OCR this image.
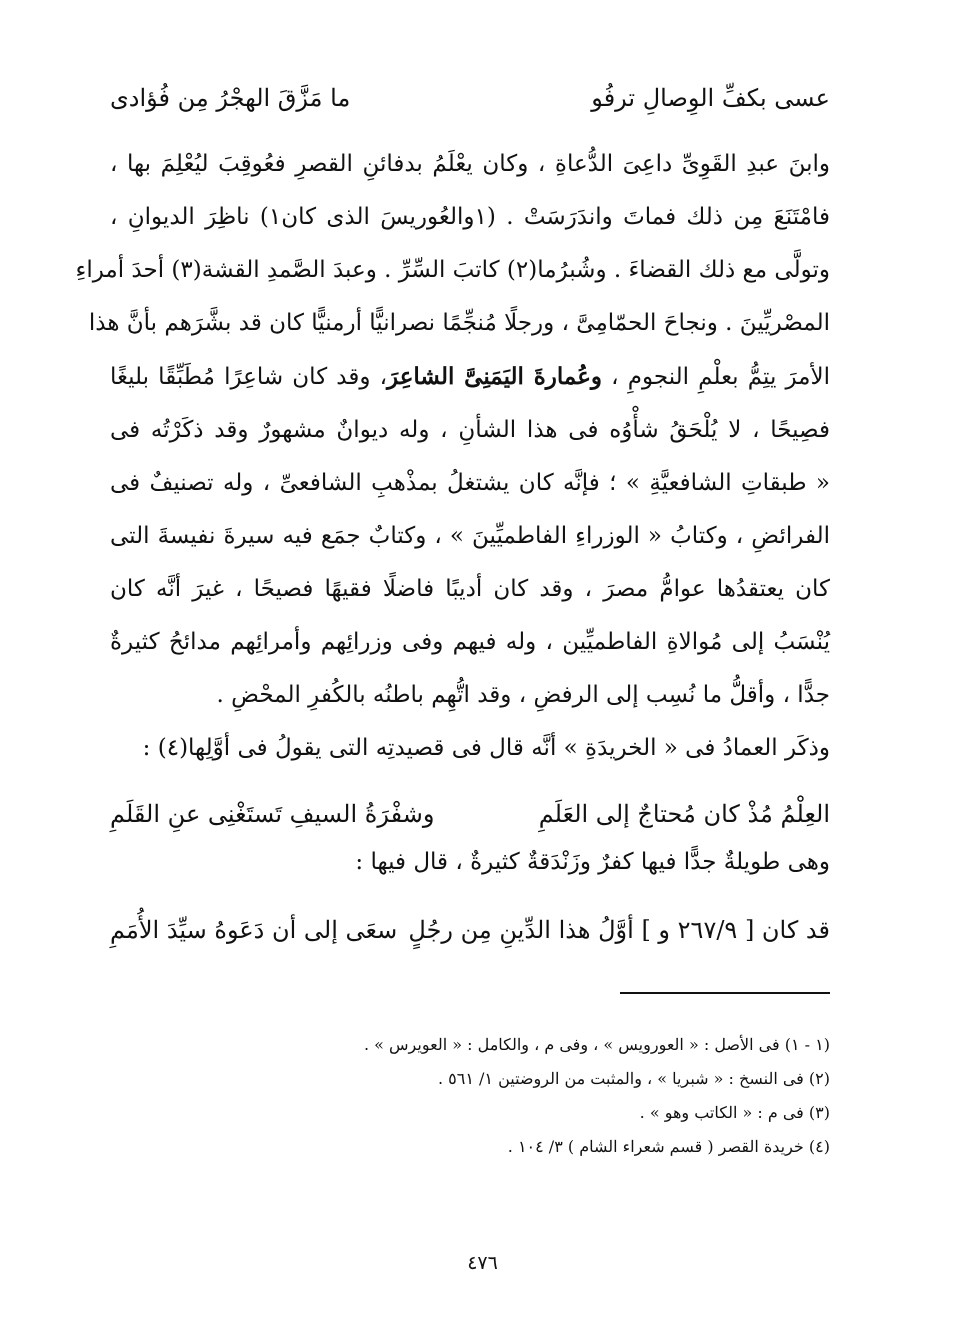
عسى بكفِّ الوِصالِ ترفُو
ما مَزَّقَ الهجْرُ مِن فُؤادى
وابنَ عبدِ القَوِىِّ داعِىَ الدُّعاةِ ، وكان يعْلَمُ بدفائنِ القصرِ فعُوقِبَ ليُعْلِمَ بها ،
فامْتَنَعَ مِن ذلك فماتَ واندَرَسَتْ . (١والعُوريسَ الذى كان١) ناظِرَ الديوانِ ،
وتولَّى مع ذلك القضاءَ . وشُبرُما(٢) كاتبَ السِّرِّ . وعبدَ الصَّمدِ القشة(٣) أحدَ أمراءِ
المصْريِّينَ . ونجاحَ الحمّامِىَّ ، ورجلًا مُنجِّمًا نصرانيًّا أرمنيًّا كان قد بشَّرَهم بأنَّ هذا
الأمرَ يتِمُّ بعلْمِ النجومِ ، وعُمارةَ اليَمَنِىَّ الشاعِرَ، وقد كان شاعِرًا مُطَبِّقًا بليغًا
فصِيحًا ، لا يُلْحَقُ شأْوُه فى هذا الشأنِ ، وله ديوانٌ مشهورٌ وقد ذكَرْتُه فى
« طبقاتِ الشافعيَّةِ » ؛ فإنَّه كان يشتغلُ بمذْهبِ الشافعىِّ ، وله تصنيفٌ فى
الفرائضِ ، وكتابُ « الوزراءِ الفاطميِّينَ » ، وكتابٌ جمَع فيه سيرةَ نفيسةَ التى
كان يعتقدُها عوامُّ مصرَ ، وقد كان أديبًا فاضلًا فقيهًا فصيحًا ، غيرَ أنَّه كان
يُنْسَبُ إلى مُوالاةِ الفاطميِّين ، وله فيهم وفى وزرائِهم وأمرائِهم مدائحُ كثيرةٌ
جدًّا ، وأقلُّ ما نُسِب إلى الرفضِ ، وقد اتُّهِم باطنُه بالكُفرِ المحْضِ .
وذكَر العمادُ فى « الخريدَةِ » أنَّه قال فى قصيدتِه التى يقولُ فى أوَّلِها(٤) :
العِلْمُ مُذْ كان مُحتاجٌ إلى العَلَمِ
وشفْرَةُ السيفِ تَستَغْنِى عنِ القَلَمِ
وهى طويلةٌ جدًّا فيها كفرٌ وزَنْدَقةٌ كثيرةٌ ، قال فيها :
قد كان [ ٢٦٧/٩ و ] أوَّلُ هذا الدِّينِ مِن رجُلٍ
سعَى إلى أن دَعَوهُ سيِّدَ الأُمَمِ
(١ - ١) فى الأصل : « العورويس » ، وفى م ، والكامل : « العويرس » .
(٢) فى النسخ : « شبريا » ، والمثبت من الروضتين ١/ ٥٦١ .
(٣) فى م : « الكاتب وهو » .
(٤) خريدة القصر ( قسم شعراء الشام ) ٣/ ١٠٤ .
٤٧٦
